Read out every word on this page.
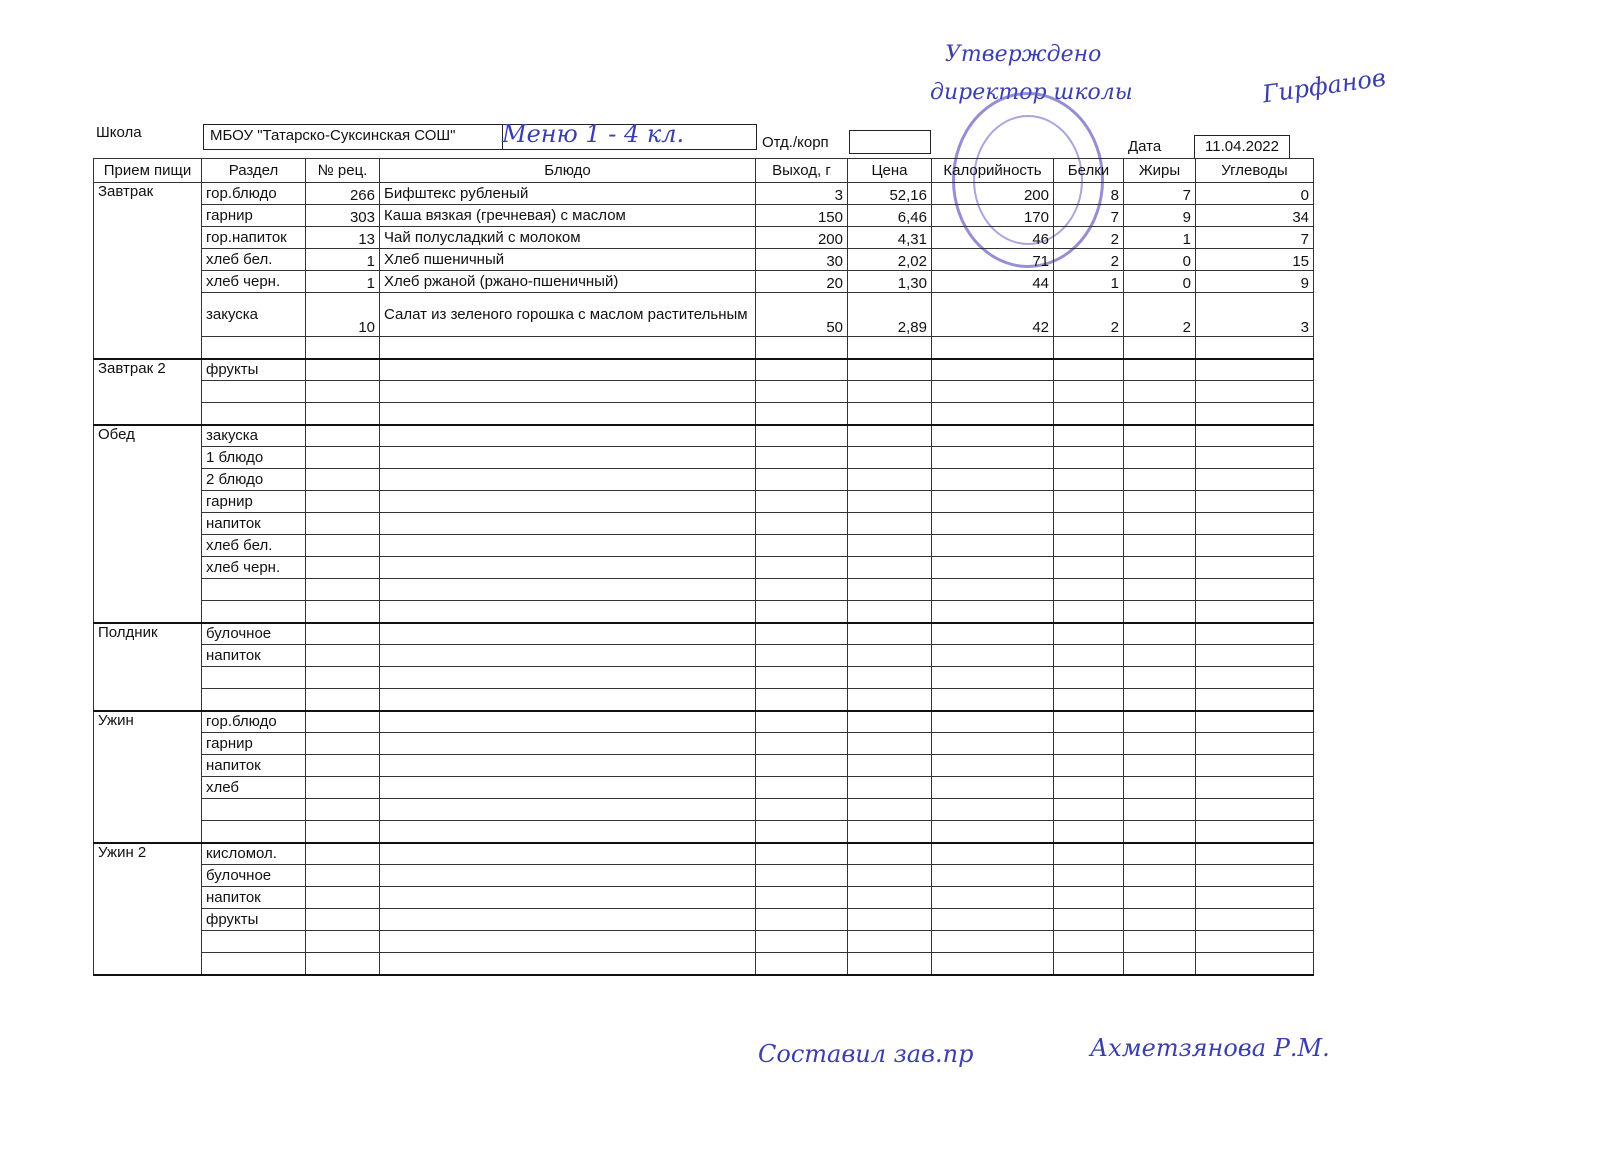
Школа	МБОУ "Татарско-Суксинская СОШ"	Отд./корп	Дата	11.04.2022
Утверждено
директор школы	Гирфанов
Меню 1 - 4 кл.
Составил зав.пр	Ахметзянова Р.М.
Прием пищи	Раздел	№ рец.	Блюдо	Выход, г	Цена	Калорийность	Белки	Жиры	Углеводы
Завтрак	гор.блюдо	266	Бифштекс рубленый	3	52,16	200	8	7	0
	гарнир	303	Каша вязкая (гречневая) с маслом	150	6,46	170	7	9	34
	гор.напиток	13	Чай полусладкий с молоком	200	4,31	46	2	1	7
	хлеб бел.	1	Хлеб пшеничный	30	2,02	71	2	0	15
	хлеб черн.	1	Хлеб ржаной (ржано-пшеничный)	20	1,30	44	1	0	9
	закуска	10	Салат из зеленого горошка с маслом растительным	50	2,89	42	2	2	3

Завтрак 2	фрукты								

Обед	закуска								
	1 блюдо								
	2 блюдо								
	гарнир								
	напиток								
	хлеб бел.								
	хлеб черн.								

Полдник	булочное								
	напиток								

Ужин	гор.блюдо								
	гарнир								
	напиток								
	хлеб								

Ужин 2	кисломол.								
	булочное								
	напиток								
	фрукты								
